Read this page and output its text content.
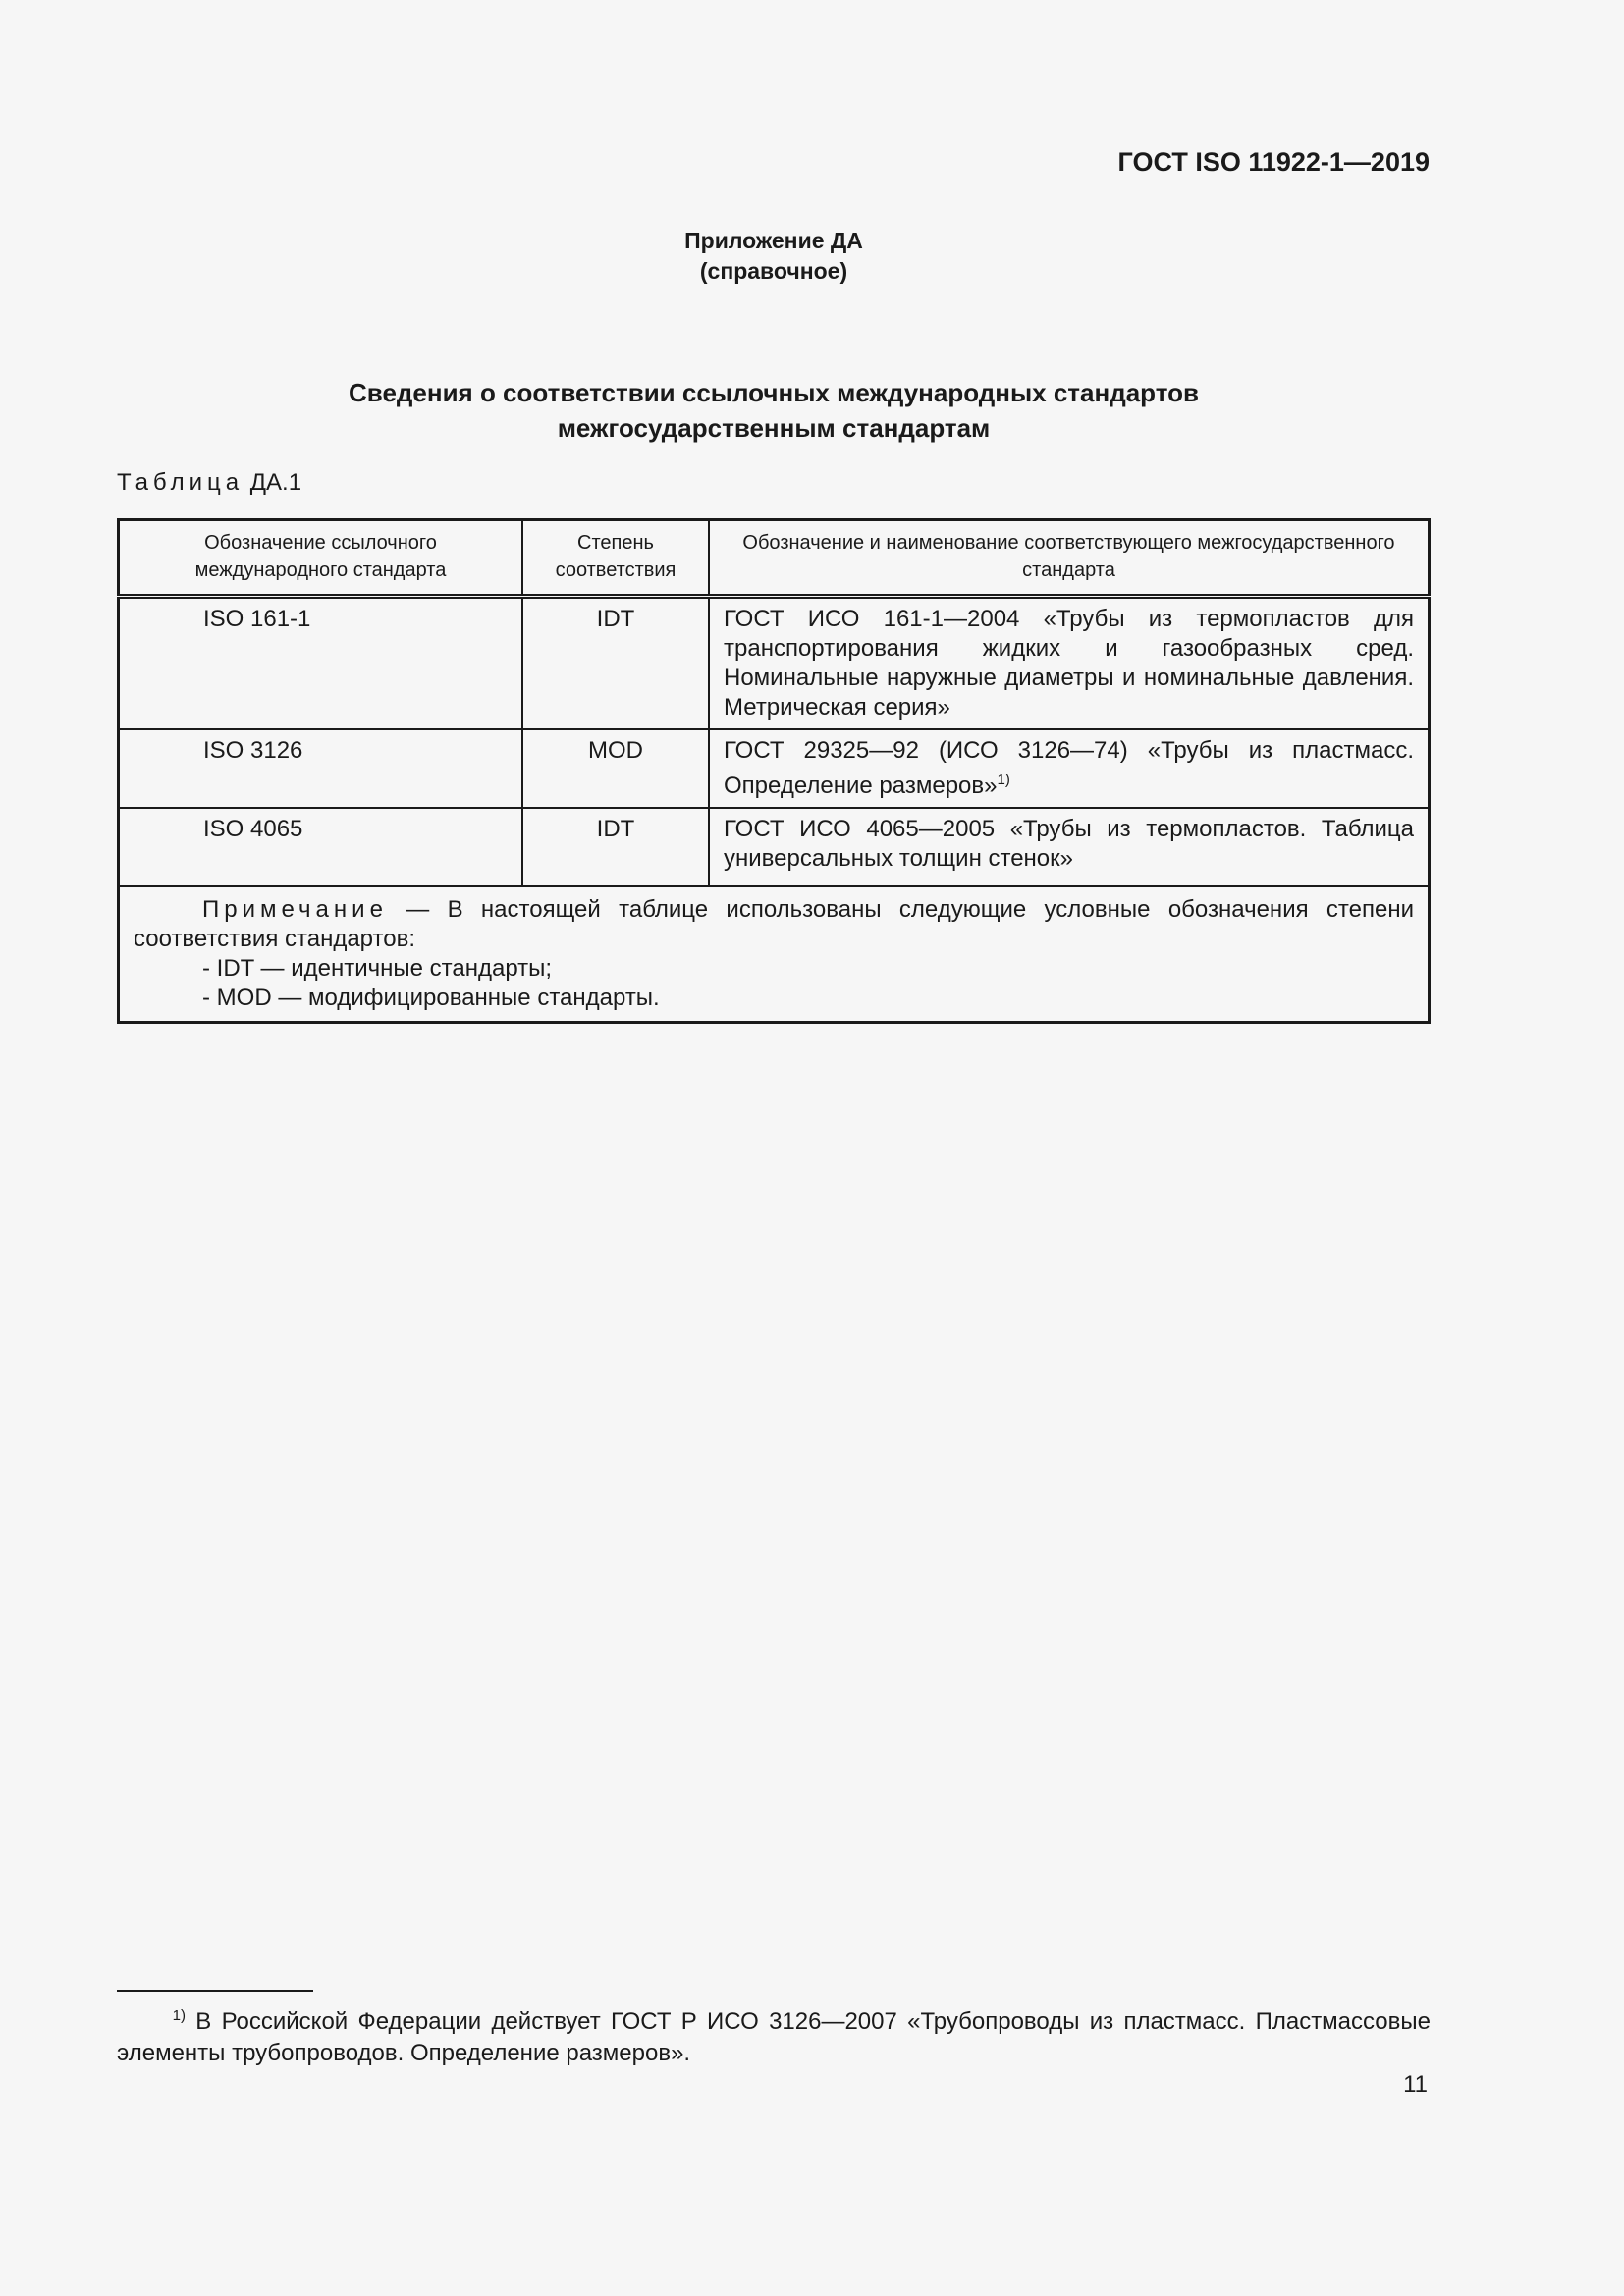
ГОСТ ISO 11922-1—2019
Приложение ДА
(справочное)
Сведения о соответствии ссылочных международных стандартов
межгосударственным стандартам
Таблица ДА.1
Обозначение ссылочного международного стандарта	Степень соответствия	Обозначение и наименование соответствующего межгосударственного стандарта
ISO 161-1	IDT	ГОСТ ИСО 161-1—2004 «Трубы из термопластов для транспортирования жидких и газообразных сред. Номинальные наружные диаметры и номинальные давления. Метрическая серия»
ISO 3126	MOD	ГОСТ 29325—92 (ИСО 3126—74) «Трубы из пластмасс. Определение размеров»$^{1)}$
ISO 4065	IDT	ГОСТ ИСО 4065—2005 «Трубы из термопластов. Таблица универсальных толщин стенок»

Примечание — В настоящей таблице использованы следующие условные обозначения степени соответствия стандартов:
- IDT — идентичные стандарты;
- MOD — модифицированные стандарты.		
$^{1)}$ В Российской Федерации действует ГОСТ Р ИСО 3126—2007 «Трубопроводы из пластмасс. Пластмассовые элементы трубопроводов. Определение размеров».
11
